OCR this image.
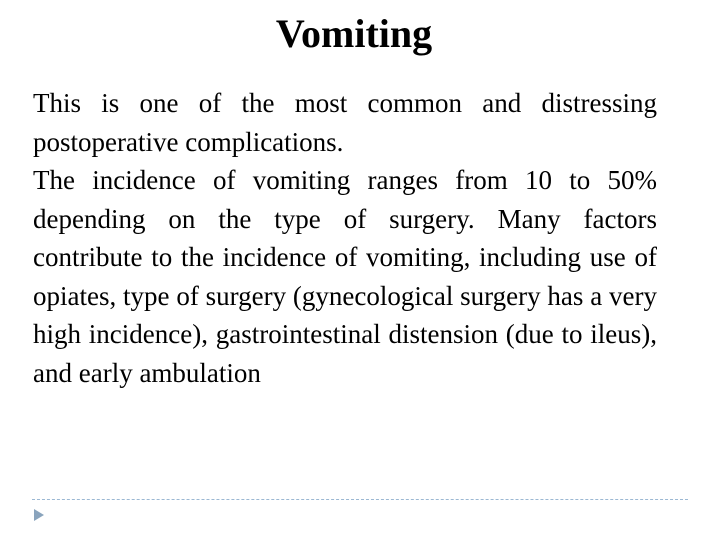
Vomiting

This is one of the most common and distressing postoperative complications.

The incidence of vomiting ranges from 10 to 50% depending on the type of surgery. Many factors contribute to the incidence of vomiting, including use of opiates, type of surgery (gynecological surgery has a very high incidence), gastrointestinal distension (due to ileus), and early ambulation
